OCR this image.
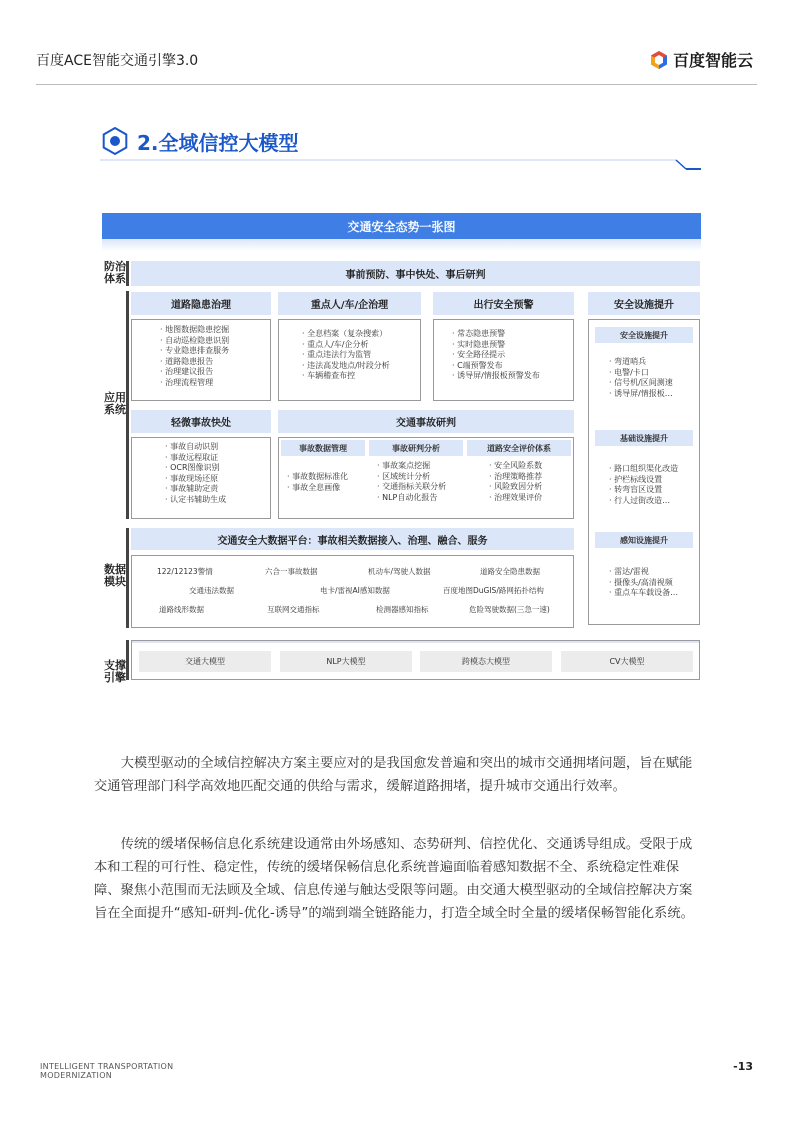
百度ACE智能交通引擎3.0	百度智能云
2.全域信控大模型
交通安全态势一张图
防治
体系
应用
系统
数据
模块
支撑
引擎
事前预防、事中快处、事后研判
道路隐患治理
· 地图数据隐患挖掘
· 自动巡检隐患识别
· 专业隐患排查服务
· 道路隐患报告
· 治理建议报告
· 治理流程管理
重点人/车/企治理
· 全息档案（复杂搜索）
· 重点人/车/企分析
· 重点违法行为监管
· 违法高发地点/时段分析
· 车辆稽查布控
出行安全预警
· 常态隐患预警
· 实时隐患预警
· 安全路径提示
· C端预警发布
· 诱导屏/情报板预警发布
安全设施提升
安全设施提升
· 弯道哨兵
· 电警/卡口
· 信号机/区间测速
· 诱导屏/情报板…
基础设施提升
· 路口组织渠化改造
· 护栏标线设置
· 转弯盲区设置
· 行人过街改造…
感知设施提升
· 雷达/雷视
· 摄像头/高清视频
· 重点车车载设备…
轻微事故快处
· 事故自动识别
· 事故远程取证
· OCR图像识别
· 事故现场还原
· 事故辅助定责
· 认定书辅助生成
交通事故研判
事故数据管理
· 事故数据标准化
· 事故全息画像
事故研判分析
· 事故案点挖掘
· 区域统计分析
· 交通指标关联分析
· NLP自动化报告
道路安全评价体系
· 安全风险系数
· 治理策略推荐
· 风险致因分析
· 治理效果评价
交通安全大数据平台：事故相关数据接入、治理、融合、服务
122/12123警情	六合一事故数据	机动车/驾驶人数据	道路安全隐患数据
交通违法数据	电卡/雷视AI感知数据	百度地图DuGIS/路网拓扑结构
道路线形数据	互联网交通指标	检测器感知指标	危险驾驶数据(三急一速)
交通大模型	NLP大模型	跨模态大模型	CV大模型

大模型驱动的全域信控解决方案主要应对的是我国愈发普遍和突出的城市交通拥堵问题，旨在赋能交通管理部门科学高效地匹配交通的供给与需求，缓解道路拥堵，提升城市交通出行效率。

传统的缓堵保畅信息化系统建设通常由外场感知、态势研判、信控优化、交通诱导组成。受限于成本和工程的可行性、稳定性，传统的缓堵保畅信息化系统普遍面临着感知数据不全、系统稳定性难保障、聚焦小范围而无法顾及全域、信息传递与触达受限等问题。由交通大模型驱动的全域信控解决方案旨在全面提升“感知-研判-优化-诱导”的端到端全链路能力，打造全域全时全量的缓堵保畅智能化系统。

INTELLIGENT TRANSPORTATION
MODERNIZATION
-13
